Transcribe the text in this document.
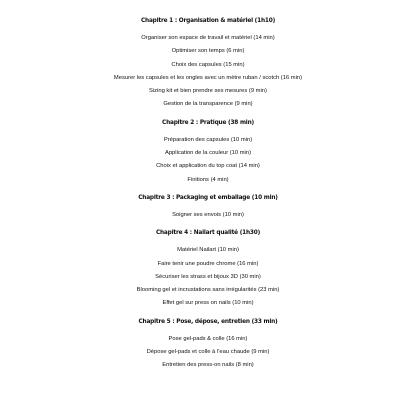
Chapitre 1 : Organisation & matériel (1h10)
Organiser son espace de travail et matériel (14 min)
Optimiser son temps (6 min)
Choix des capsules (15 min)
Mesurer les capsules et les ongles avec un mètre ruban / scotch (16 min)
Sizing kit et bien prendre ses mesures (9 min)
Gestion de la transparence (9 min)
Chapitre 2 : Pratique (38 min)
Préparation des capsules (10 min)
Application de la couleur (10 min)
Choix et application du top coat (14 min)
Finitions (4 min)
Chapitre 3 : Packaging et emballage (10 min)
Soigner ses envois (10 min)
Chapitre 4 : Nailart qualité (1h30)
Matériel Nailart (10 min)
Faire tenir une poudre chrome (16 min)
Sécuriser les strass et bijoux 3D (30 min)
Blooming gel et incrustations sans irrégularités (23 min)
Effet gel sur press on nails (10 min)
Chapitre 5 : Pose, dépose, entretien (33 min)
Pose gel-pads & colle (16 min)
Dépose gel-pads et colle à l’eau chaude (9 min)
Entretien des press-on nails (8 min)
